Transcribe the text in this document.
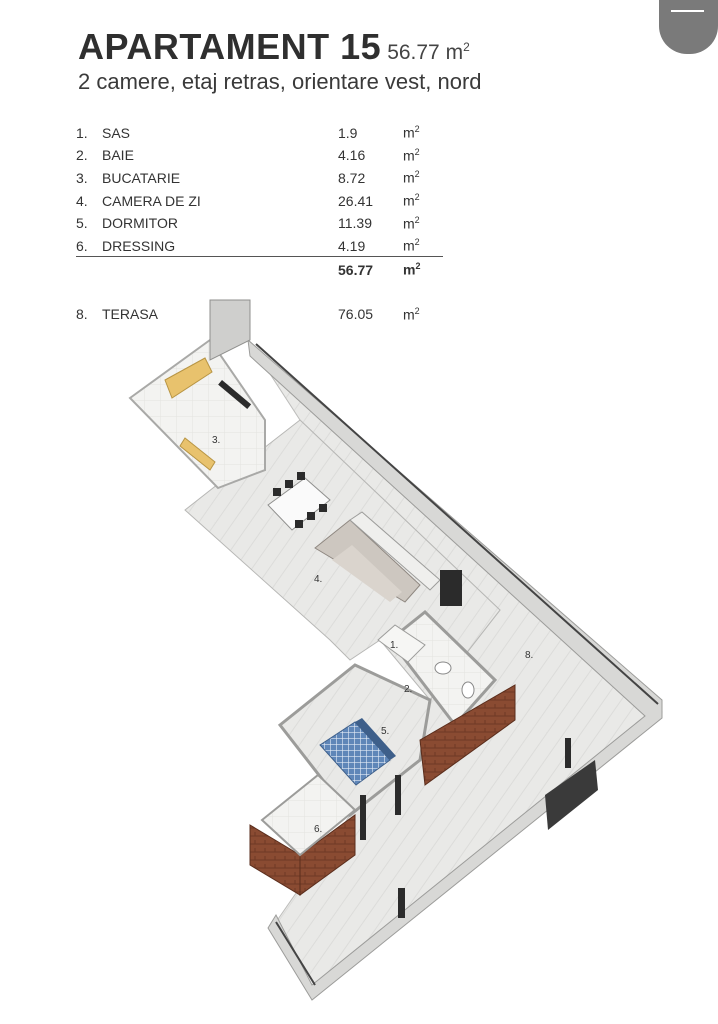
APARTAMENT 15 56.77 $m^2$
2 camere, etaj retras, orientare vest, nord
1.	SAS	1.9	$m^2$
2.	BAIE	4.16	$m^2$
3.	BUCATARIE	8.72	$m^2$
4.	CAMERA DE ZI	26.41	$m^2$
5.	DORMITOR	11.39	$m^2$
6.	DRESSING	4.19	$m^2$
		56.77	$m^2$

8.	TERASA	76.05	$m^2$
1.
2.
3.
4.
5.
6.
8.
